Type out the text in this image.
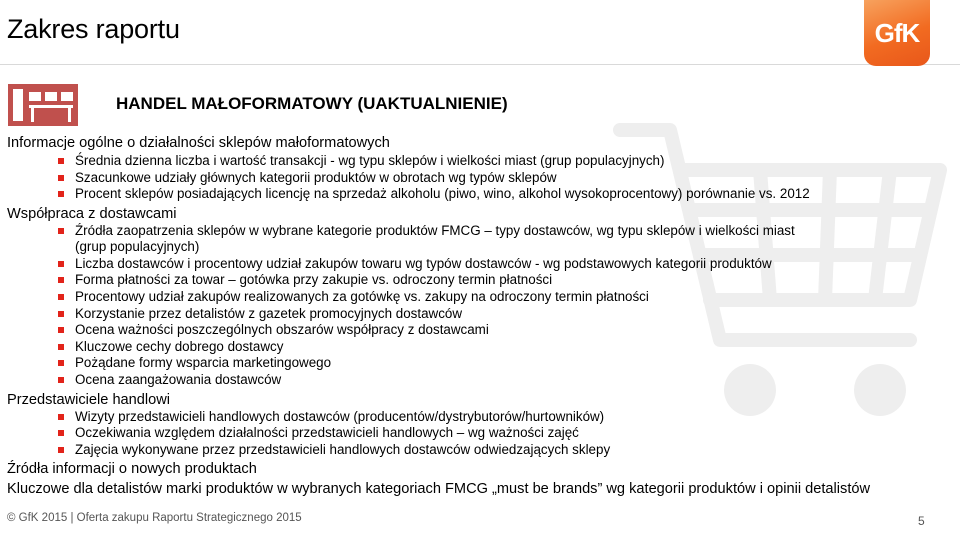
Zakres raportu	GfK
HANDEL MAŁOFORMATOWY (UAKTUALNIENIE)
Informacje ogólne o działalności sklepów małoformatowych
Średnia dzienna liczba i wartość transakcji - wg typu sklepów i wielkości miast (grup populacyjnych)
Szacunkowe udziały głównych kategorii produktów w obrotach wg typów sklepów
Procent sklepów posiadających licencję na sprzedaż alkoholu (piwo, wino, alkohol wysokoprocentowy) porównanie vs. 2012
Współpraca z dostawcami
Źródła zaopatrzenia sklepów w wybrane kategorie produktów FMCG – typy dostawców, wg typu sklepów i wielkości miast
(grup populacyjnych)
Liczba dostawców i procentowy udział zakupów towaru wg typów dostawców - wg podstawowych kategorii produktów
Forma płatności za towar – gotówka przy zakupie vs. odroczony termin płatności
Procentowy udział zakupów realizowanych za gotówkę vs. zakupy na odroczony termin płatności
Korzystanie przez detalistów z gazetek promocyjnych dostawców
Ocena ważności poszczególnych obszarów współpracy z dostawcami
Kluczowe cechy dobrego dostawcy
Pożądane formy wsparcia marketingowego
Ocena zaangażowania dostawców
Przedstawiciele handlowi
Wizyty przedstawicieli handlowych dostawców (producentów/dystrybutorów/hurtowników)
Oczekiwania względem działalności przedstawicieli handlowych – wg ważności zajęć
Zajęcia wykonywane przez przedstawicieli handlowych dostawców odwiedzających sklepy
Źródła informacji o nowych produktach
Kluczowe dla detalistów marki produktów w wybranych kategoriach FMCG „must be brands” wg kategorii produktów i opinii detalistów
© GfK 2015 | Oferta zakupu Raportu Strategicznego 2015	5
